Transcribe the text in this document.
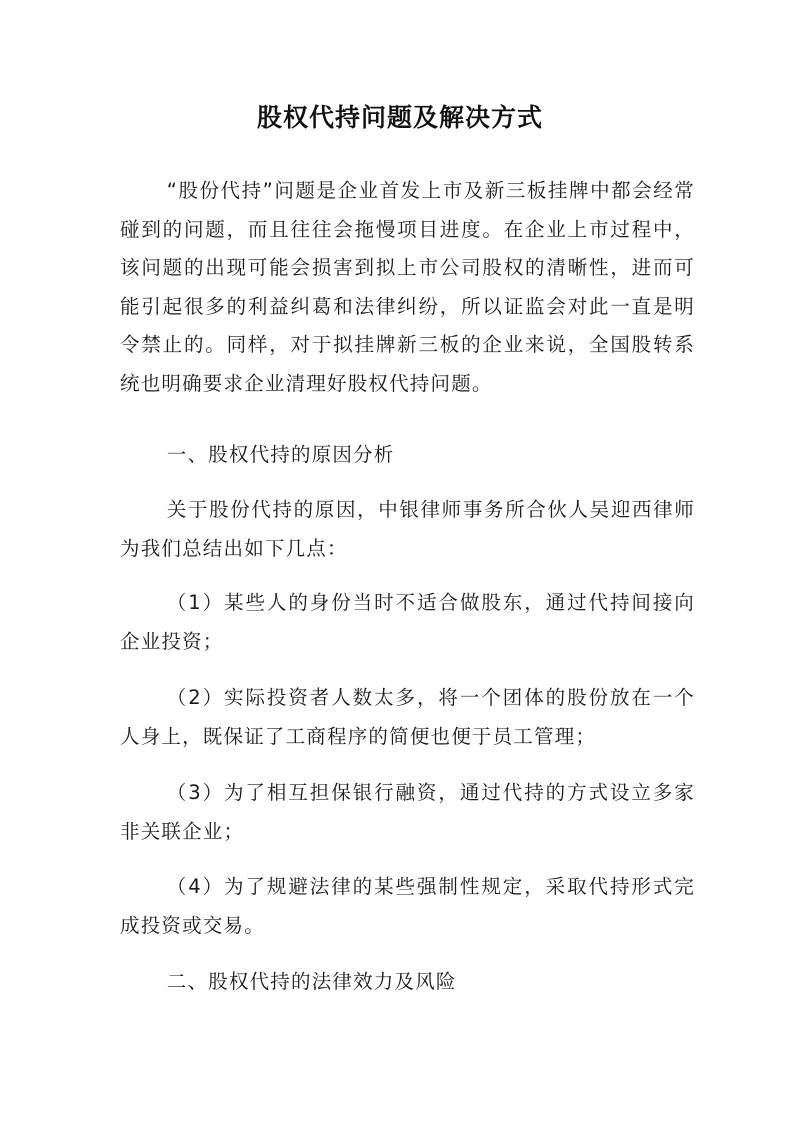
股权代持问题及解决方式

“股份代持”问题是企业首发上市及新三板挂牌中都会经常碰到的问题，而且往往会拖慢项目进度。在企业上市过程中，该问题的出现可能会损害到拟上市公司股权的清晰性，进而可能引起很多的利益纠葛和法律纠纷，所以证监会对此一直是明令禁止的。同样，对于拟挂牌新三板的企业来说，全国股转系统也明确要求企业清理好股权代持问题。

一、股权代持的原因分析

关于股份代持的原因，中银律师事务所合伙人吴迎西律师为我们总结出如下几点：

（1）某些人的身份当时不适合做股东，通过代持间接向企业投资；

（2）实际投资者人数太多，将一个团体的股份放在一个人身上，既保证了工商程序的简便也便于员工管理；

（3）为了相互担保银行融资，通过代持的方式设立多家非关联企业；

（4）为了规避法律的某些强制性规定，采取代持形式完成投资或交易。

二、股权代持的法律效力及风险
